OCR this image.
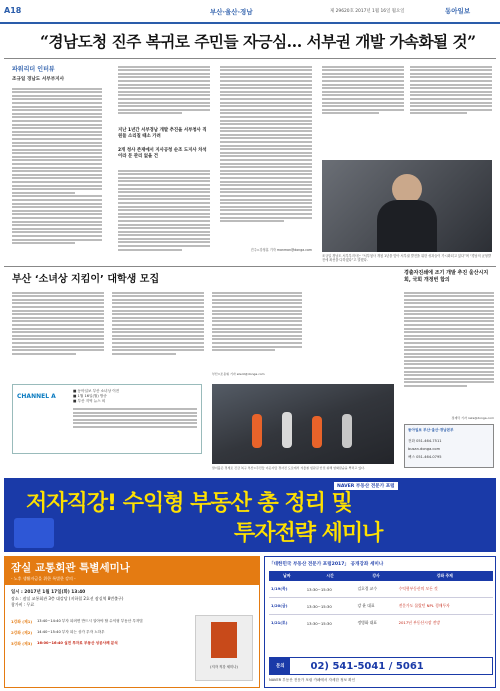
A18	부산·울산·경남	제 29620호 2017년 1월 16일 월요일	동아일보
“경남도청 진주 복귀로 주민들 자긍심… 서부권 개발 가속화될 것”
파워리더 인터뷰
조규일 경남도 서부부지사
지난 1년간 서부경남 개발 추진을 서부청사 직원들 소리칠 때소 가려
2개 청사 존재에서 지사공청 순조 도지사 차석이라 문 관리 없을 건
진주=강정훈 기자 manman@donga.com
조규일 경남도 서부부지사는 “서부청사 개청 1년을 맞아 서부권 발전을 위한 성과들이 가시화되고 있다”며 “경남의 균형발전에 최선을 다하겠다”고 말했다.
부산 ‘소녀상 지킴이’ 대학생 모집
부산=조용휘 기자 silent@donga.com
CHANNEL A
■ 동아일보 부산 소녀상 이전
■ 1월 16일(월) 방송
■ 부산 지역 뉴스 외
말이붙은 경세로 긴급 복구 부산=주민들 이웃사랑 경사진 도로에서 겨울철 빙판길 안전 위해 염화칼슘을 뿌리고 있다.
경출자진쇄에 조기 개발 추진 울산시지회, 국회 개정번 합의
정재락 기자 raks@donga.com
동아일보 부산·울산·경남본부
전화 051-464-7511
busan.donga.com
팩스 051-464-0795
NAVER 부동산 전문가 포럼
저자직강! 수익형 부동산 총 정리 및
투자전략 세미나
잠실 교통회관 특별세미나
- 노후 생활자금을 위한 특별한 강의 -
일시 : 2017년 1월 17일(화) 13:40
장소 : 잠실 교통회관 3층 대강당 (지하철 2호선 잠실역 8번출구)
참가비 : 무료
1강좌 (제1)	13:40~14:40 부자 되려면 반드시 알아야 할 수익형 부동산 투자법
2강좌 (제2)	14:40~15:40 부자 되는 상가 투자 노하우
3강좌 (제3)	16:00~16:40 실전 투자로 부동산 성공사례 분석
(저자 직강 세미나)
「대한민국 부동산 전문가 포럼2017」 공개강좌 세미나
날짜	시간	강사	강좌 주제
1/19(목)	13:30~15:30	김호경 교수	수익형부동산의 모든 것
1/20(금)	13:30~15:30	강 윤 대표	전문가도 몰랐던 NPL 경매투자
1/21(토)	13:30~15:30	정병화 대표	2017년 부동산시장 전망
문의	02) 541-5041 / 5061
NAVER 부동산 전문가 포럼 카페에서 자세한 정보 확인
